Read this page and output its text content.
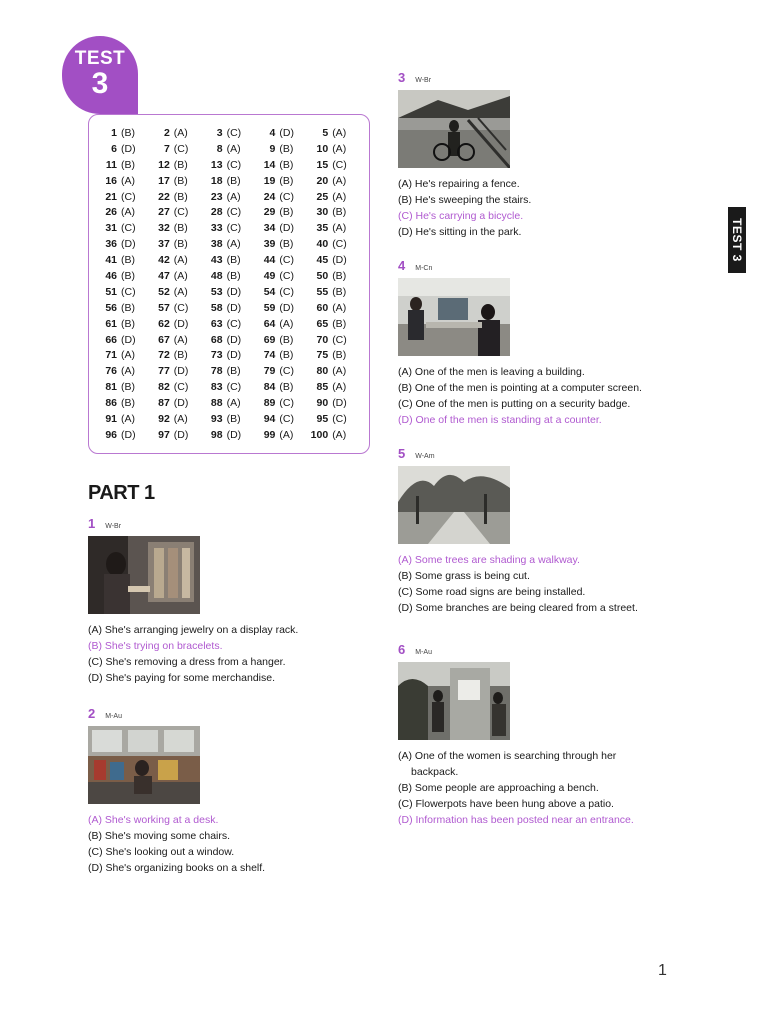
TEST
3
1 (B)	2 (A)	3 (C)	4 (D)	5 (A)
6 (D)	7 (C)	8 (A)	9 (B)	10 (A)
11 (B)	12 (B)	13 (C)	14 (B)	15 (C)
16 (A)	17 (B)	18 (B)	19 (B)	20 (A)
21 (C)	22 (B)	23 (A)	24 (C)	25 (A)
26 (A)	27 (C)	28 (C)	29 (B)	30 (B)
31 (C)	32 (B)	33 (C)	34 (D)	35 (A)
36 (D)	37 (B)	38 (A)	39 (B)	40 (C)
41 (B)	42 (A)	43 (B)	44 (C)	45 (D)
46 (B)	47 (A)	48 (B)	49 (C)	50 (B)
51 (C)	52 (A)	53 (D)	54 (C)	55 (B)
56 (B)	57 (C)	58 (D)	59 (D)	60 (A)
61 (B)	62 (D)	63 (C)	64 (A)	65 (B)
66 (D)	67 (A)	68 (D)	69 (B)	70 (C)
71 (A)	72 (B)	73 (D)	74 (B)	75 (B)
76 (A)	77 (D)	78 (B)	79 (C)	80 (A)
81 (B)	82 (C)	83 (C)	84 (B)	85 (A)
86 (B)	87 (D)	88 (A)	89 (C)	90 (D)
91 (A)	92 (A)	93 (B)	94 (C)	95 (C)
96 (D)	97 (D)	98 (D)	99 (A)	100 (A)
PART 1
1 W-Br
(A) She's arranging jewelry on a display rack.
(B) She's trying on bracelets.
(C) She's removing a dress from a hanger.
(D) She's paying for some merchandise.
2 M-Au
(A) She's working at a desk.
(B) She's moving some chairs.
(C) She's looking out a window.
(D) She's organizing books on a shelf.
3 W-Br
(A) He's repairing a fence.
(B) He's sweeping the stairs.
(C) He's carrying a bicycle.
(D) He's sitting in the park.
4 M-Cn
(A) One of the men is leaving a building.
(B) One of the men is pointing at a computer screen.
(C) One of the men is putting on a security badge.
(D) One of the men is standing at a counter.
5 W-Am
(A) Some trees are shading a walkway.
(B) Some grass is being cut.
(C) Some road signs are being installed.
(D) Some branches are being cleared from a street.
6 M-Au
(A) One of the women is searching through her
backpack.
(B) Some people are approaching a bench.
(C) Flowerpots have been hung above a patio.
(D) Information has been posted near an entrance.
TEST 3
1
